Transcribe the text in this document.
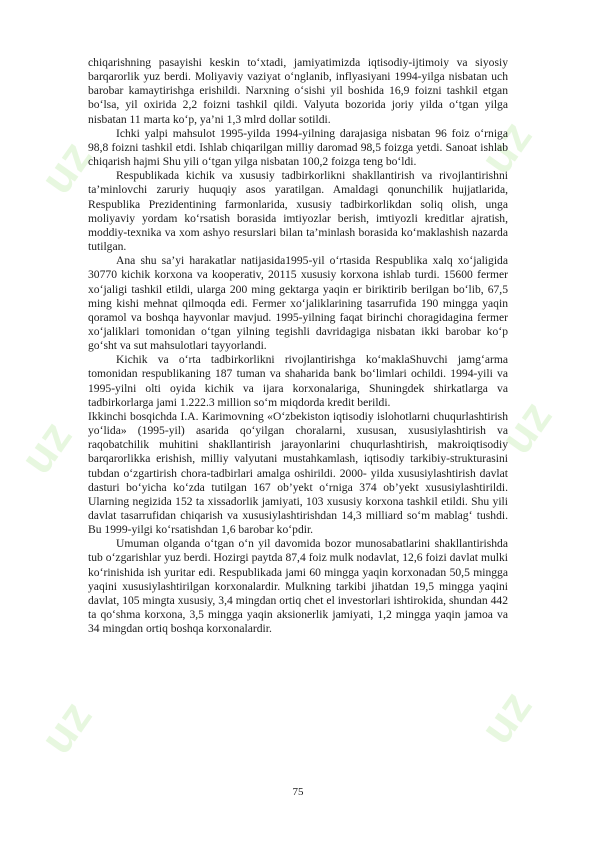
uz	uz
uz	uz
uz	uz

chiqarishning pasayishi keskin to‘xtadi, jamiyatimizda iqtisodiy-ijtimoiy va siyosiy barqarorlik yuz berdi. Moliyaviy vaziyat o‘nglanib, inflyasiyani 1994-yilga nisbatan uch barobar kamaytirishga erishildi. Narxning o‘sishi yil boshida 16,9 foizni tashkil etgan bo‘lsa, yil oxirida 2,2 foizni tashkil qildi. Valyuta bozorida joriy yilda o‘tgan yilga nisbatan 11 marta ko‘p, ya’ni 1,3 mlrd dollar sotildi.

Ichki yalpi mahsulot 1995-yilda 1994-yilning darajasiga nisbatan 96 foiz o‘rniga 98,8 foizni tashkil etdi. Ishlab chiqarilgan milliy daromad 98,5 foizga yetdi. Sanoat ishlab chiqarish hajmi Shu yili o‘tgan yilga nisbatan 100,2 foizga teng bo‘ldi.

Respublikada kichik va xususiy tadbirkorlikni shakllantirish va rivojlantirishni ta’minlovchi zaruriy huquqiy asos yaratilgan. Amaldagi qonunchilik hujjatlarida, Respublika Prezidentining farmonlarida, xususiy tadbirkorlikdan soliq olish, unga moliyaviy yordam ko‘rsatish borasida imtiyozlar berish, imtiyozli kreditlar ajratish, moddiy-texnika va xom ashyo resurslari bilan ta’minlash borasida ko‘maklashish nazarda tutilgan.

Ana shu sa’yi harakatlar natijasida1995-yil o‘rtasida Respublika xalq xo‘jaligida 30770 kichik korxona va kooperativ, 20115 xususiy korxona ishlab turdi. 15600 fermer xo‘jaligi tashkil etildi, ularga 200 ming gektarga yaqin er biriktirib berilgan bo‘lib, 67,5 ming kishi mehnat qilmoqda edi. Fermer xo‘jaliklarining tasarrufida 190 mingga yaqin qoramol va boshqa hayvonlar mavjud. 1995-yilning faqat birinchi choragidagina fermer xo‘jaliklari tomonidan o‘tgan yilning tegishli davridagiga nisbatan ikki barobar ko‘p go‘sht va sut mahsulotlari tayyorlandi.

Kichik va o‘rta tadbirkorlikni rivojlantirishga ko‘maklaShuvchi jamg‘arma tomonidan respublikaning 187 tuman va shaharida bank bo‘limlari ochildi. 1994-yili va 1995-yilni olti oyida kichik va ijara korxonalariga, Shuningdek shirkatlarga va tadbirkorlarga jami 1.222.3 million so‘m miqdorda kredit berildi.

Ikkinchi bosqichda I.A. Karimovning «O‘zbekiston iqtisodiy islohotlarni chuqurlashtirish yo‘lida» (1995-yil) asarida qo‘yilgan choralarni, xususan, xususiylashtirish va raqobatchilik muhitini shakllantirish jarayonlarini chuqurlashtirish, makroiqtisodiy barqarorlikka erishish, milliy valyutani mustahkamlash, iqtisodiy tarkibiy-strukturasini tubdan o‘zgartirish chora-tadbirlari amalga oshirildi. 2000- yilda xususiylashtirish davlat dasturi bo‘yicha ko‘zda tutilgan 167 ob’yekt o‘rniga 374 ob’yekt xususiylashtirildi. Ularning negizida 152 ta xissadorlik jamiyati, 103 xususiy korxona tashkil etildi. Shu yili davlat tasarrufidan chiqarish va xususiylashtirishdan 14,3 milliard so‘m mablag‘ tushdi. Bu 1999-yilgi ko‘rsatishdan 1,6 barobar ko‘pdir.

Umuman olganda o‘tgan o‘n yil davomida bozor munosabatlarini shakllantirishda tub o‘zgarishlar yuz berdi. Hozirgi paytda 87,4 foiz mulk nodavlat, 12,6 foizi davlat mulki ko‘rinishida ish yuritar edi. Respublikada jami 60 mingga yaqin korxonadan 50,5 mingga yaqini xususiylashtirilgan korxonalardir. Mulkning tarkibi jihatdan 19,5 mingga yaqini davlat, 105 mingta xususiy, 3,4 mingdan ortiq chet el investorlari ishtirokida, shundan 442 ta qo‘shma korxona, 3,5 mingga yaqin aksionerlik jamiyati, 1,2 mingga yaqin jamoa va 34 mingdan ortiq boshqa korxonalardir.

75
